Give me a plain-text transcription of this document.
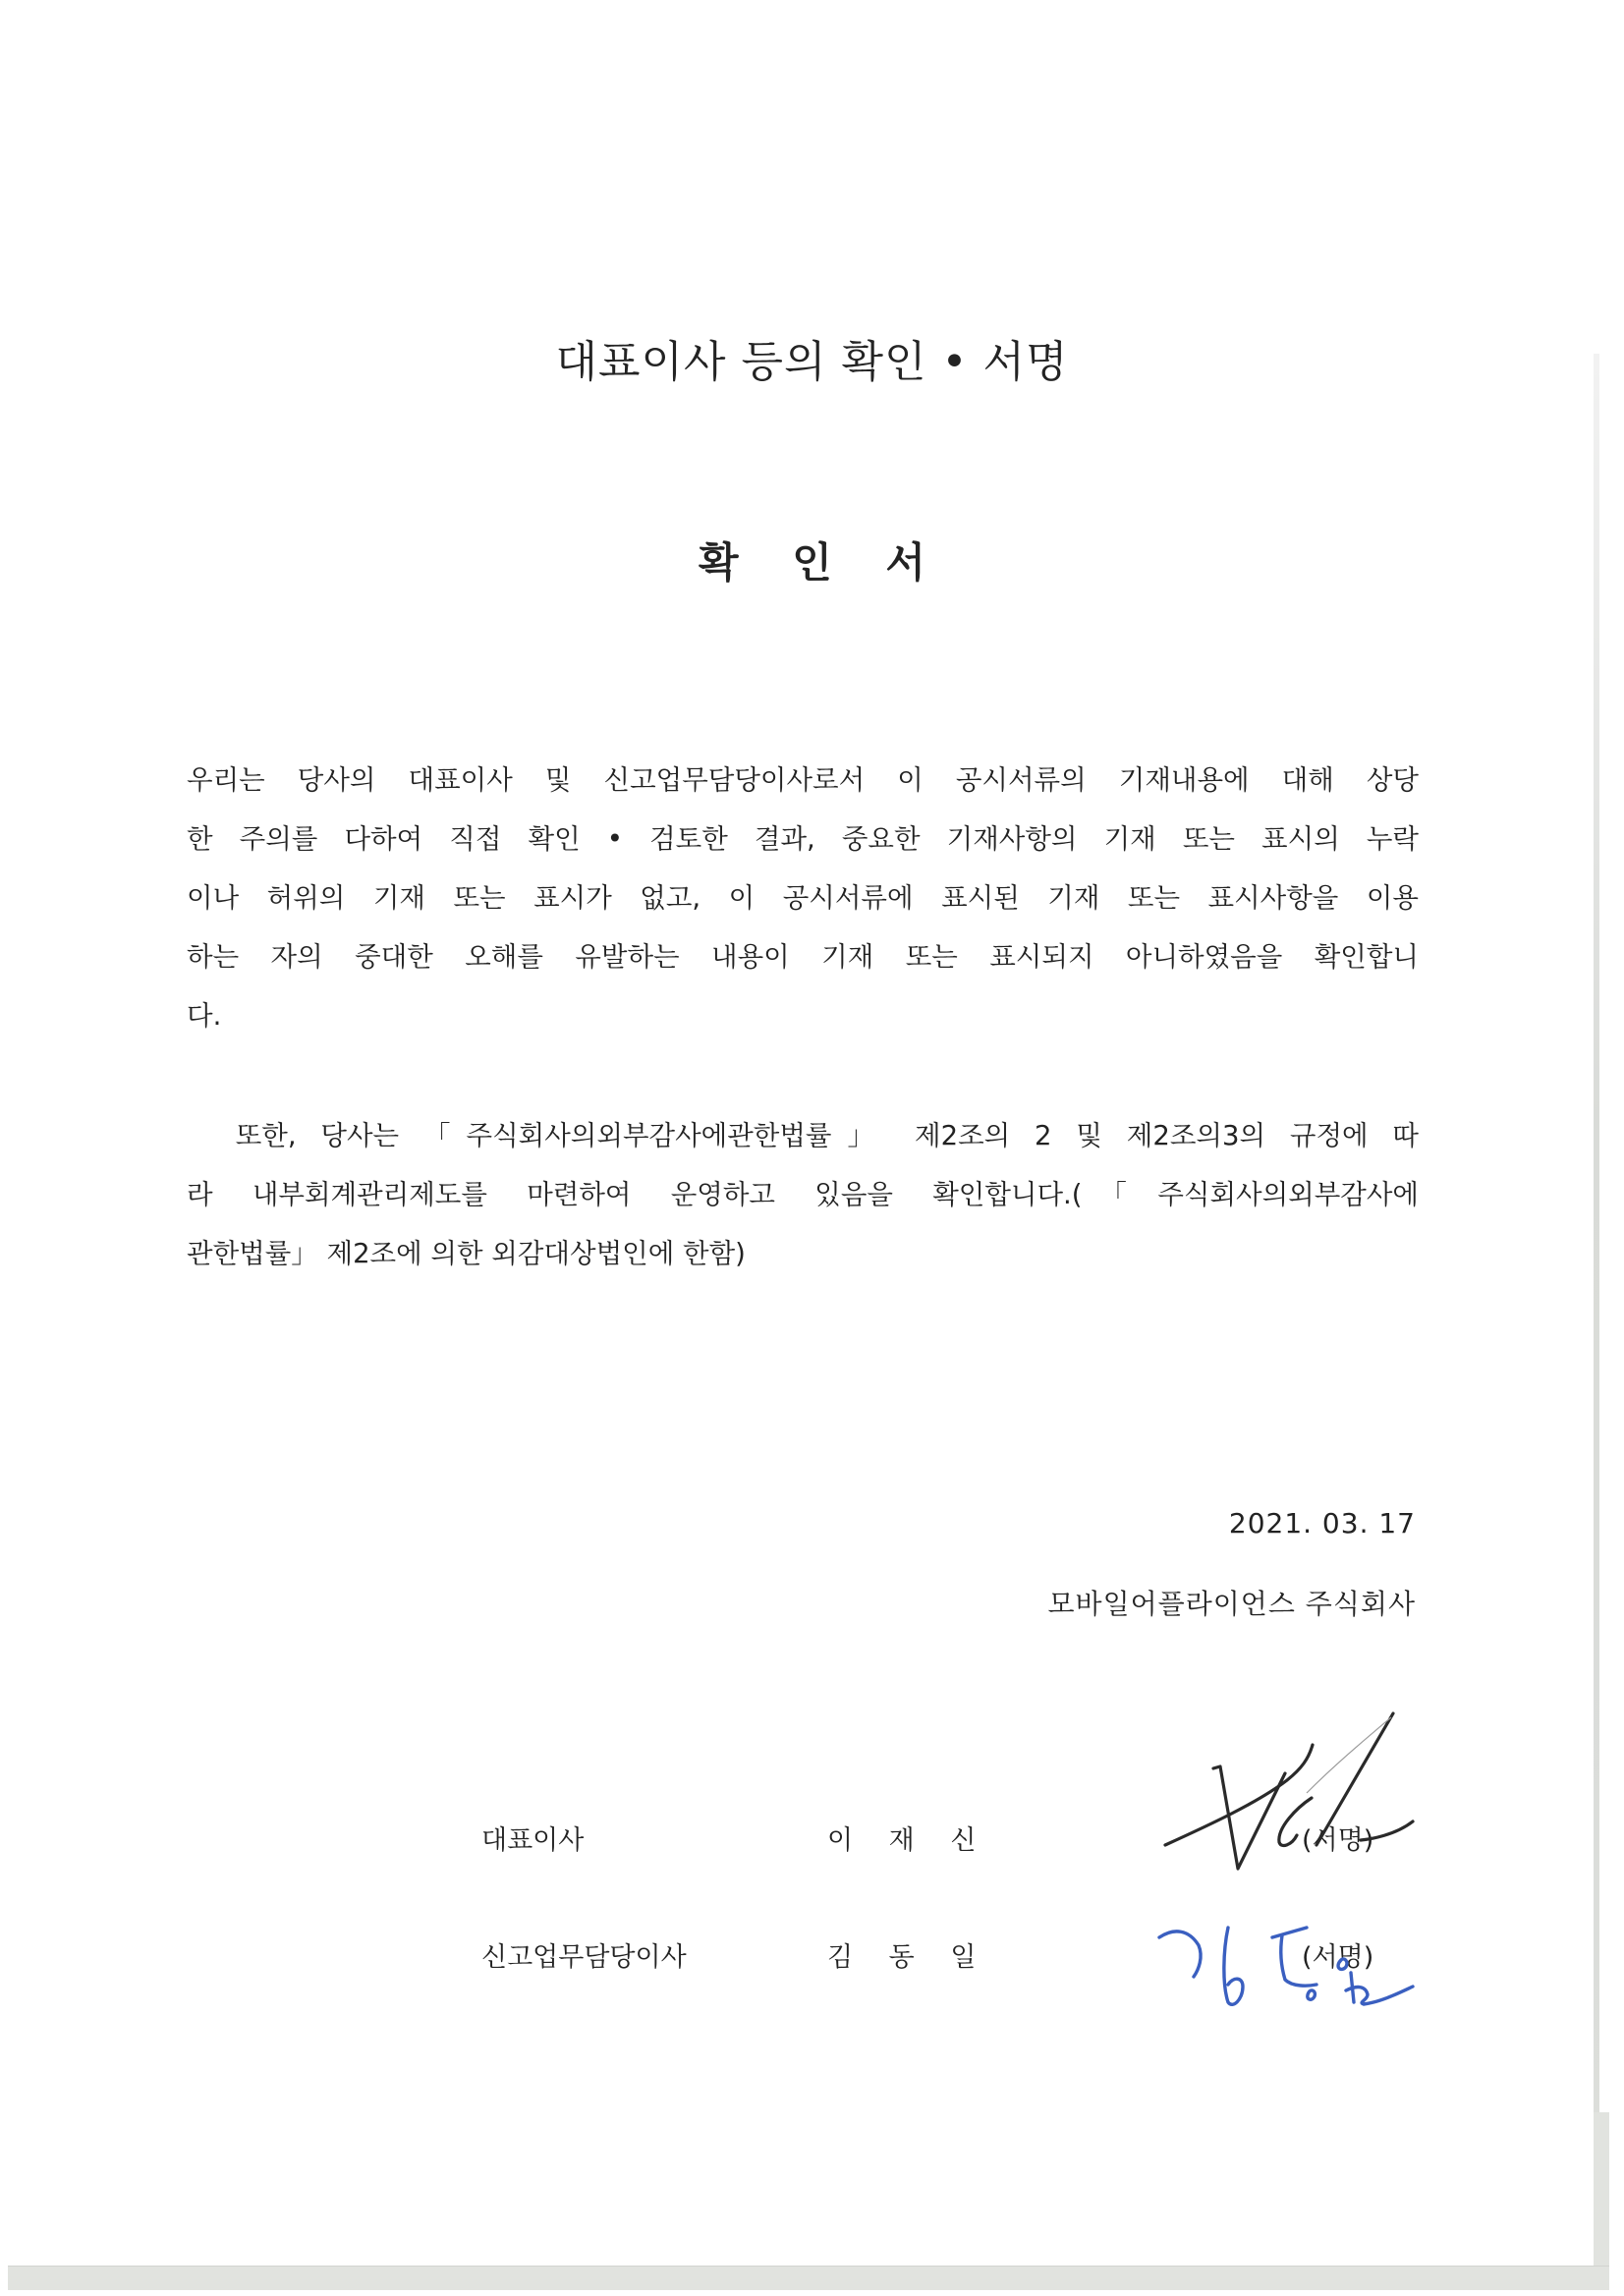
대표이사 등의 확인 • 서명
확 인 서
우리는 당사의 대표이사 및 신고업무담당이사로서 이 공시서류의 기재내용에 대해 상당
한 주의를 다하여 직접 확인 • 검토한 결과, 중요한 기재사항의 기재 또는 표시의 누락
이나 허위의 기재 또는 표시가 없고, 이 공시서류에 표시된 기재 또는 표시사항을 이용
하는 자의 중대한 오해를 유발하는 내용이 기재 또는 표시되지 아니하였음을 확인합니
다.
또한, 당사는 「주식회사의외부감사에관한법률」 제2조의 2 및 제2조의3의 규정에 따
라 내부회계관리제도를 마련하여 운영하고 있음을 확인합니다.(「주식회사의외부감사에
관한법률」 제2조에 의한 외감대상법인에 한함)
2021. 03. 17
모바일어플라이언스 주식회사
대표이사	이 재 신	(서명)
신고업무담당이사	김 동 일	(서명)
